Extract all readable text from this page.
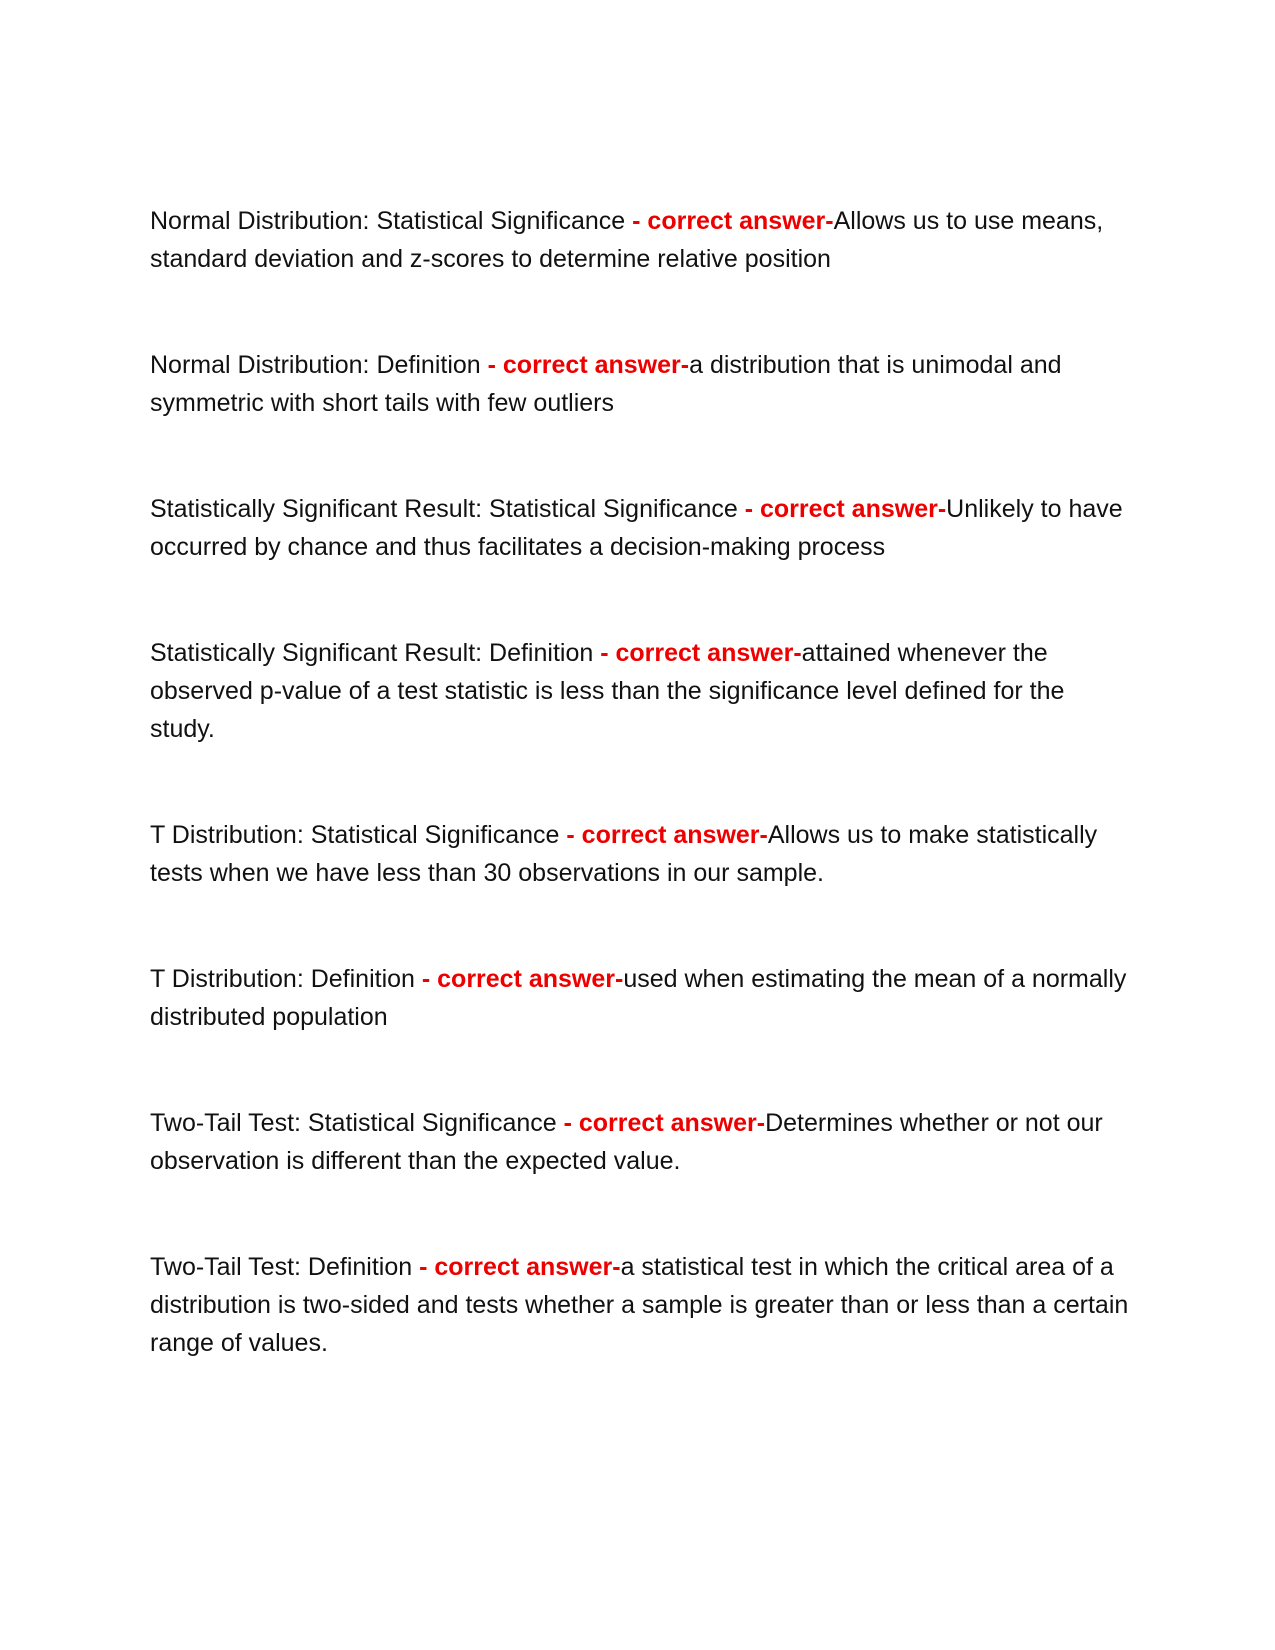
Normal Distribution: Statistical Significance - correct answer-Allows us to use means, standard deviation and z-scores to determine relative position
Normal Distribution: Definition - correct answer-a distribution that is unimodal and symmetric with short tails with few outliers
Statistically Significant Result: Statistical Significance - correct answer-Unlikely to have occurred by chance and thus facilitates a decision-making process
Statistically Significant Result: Definition - correct answer-attained whenever the observed p-value of a test statistic is less than the significance level defined for the study.
T Distribution: Statistical Significance - correct answer-Allows us to make statistically tests when we have less than 30 observations in our sample.
T Distribution: Definition - correct answer-used when estimating the mean of a normally distributed population
Two-Tail Test: Statistical Significance - correct answer-Determines whether or not our observation is different than the expected value.
Two-Tail Test: Definition - correct answer-a statistical test in which the critical area of a distribution is two-sided and tests whether a sample is greater than or less than a certain range of values.
